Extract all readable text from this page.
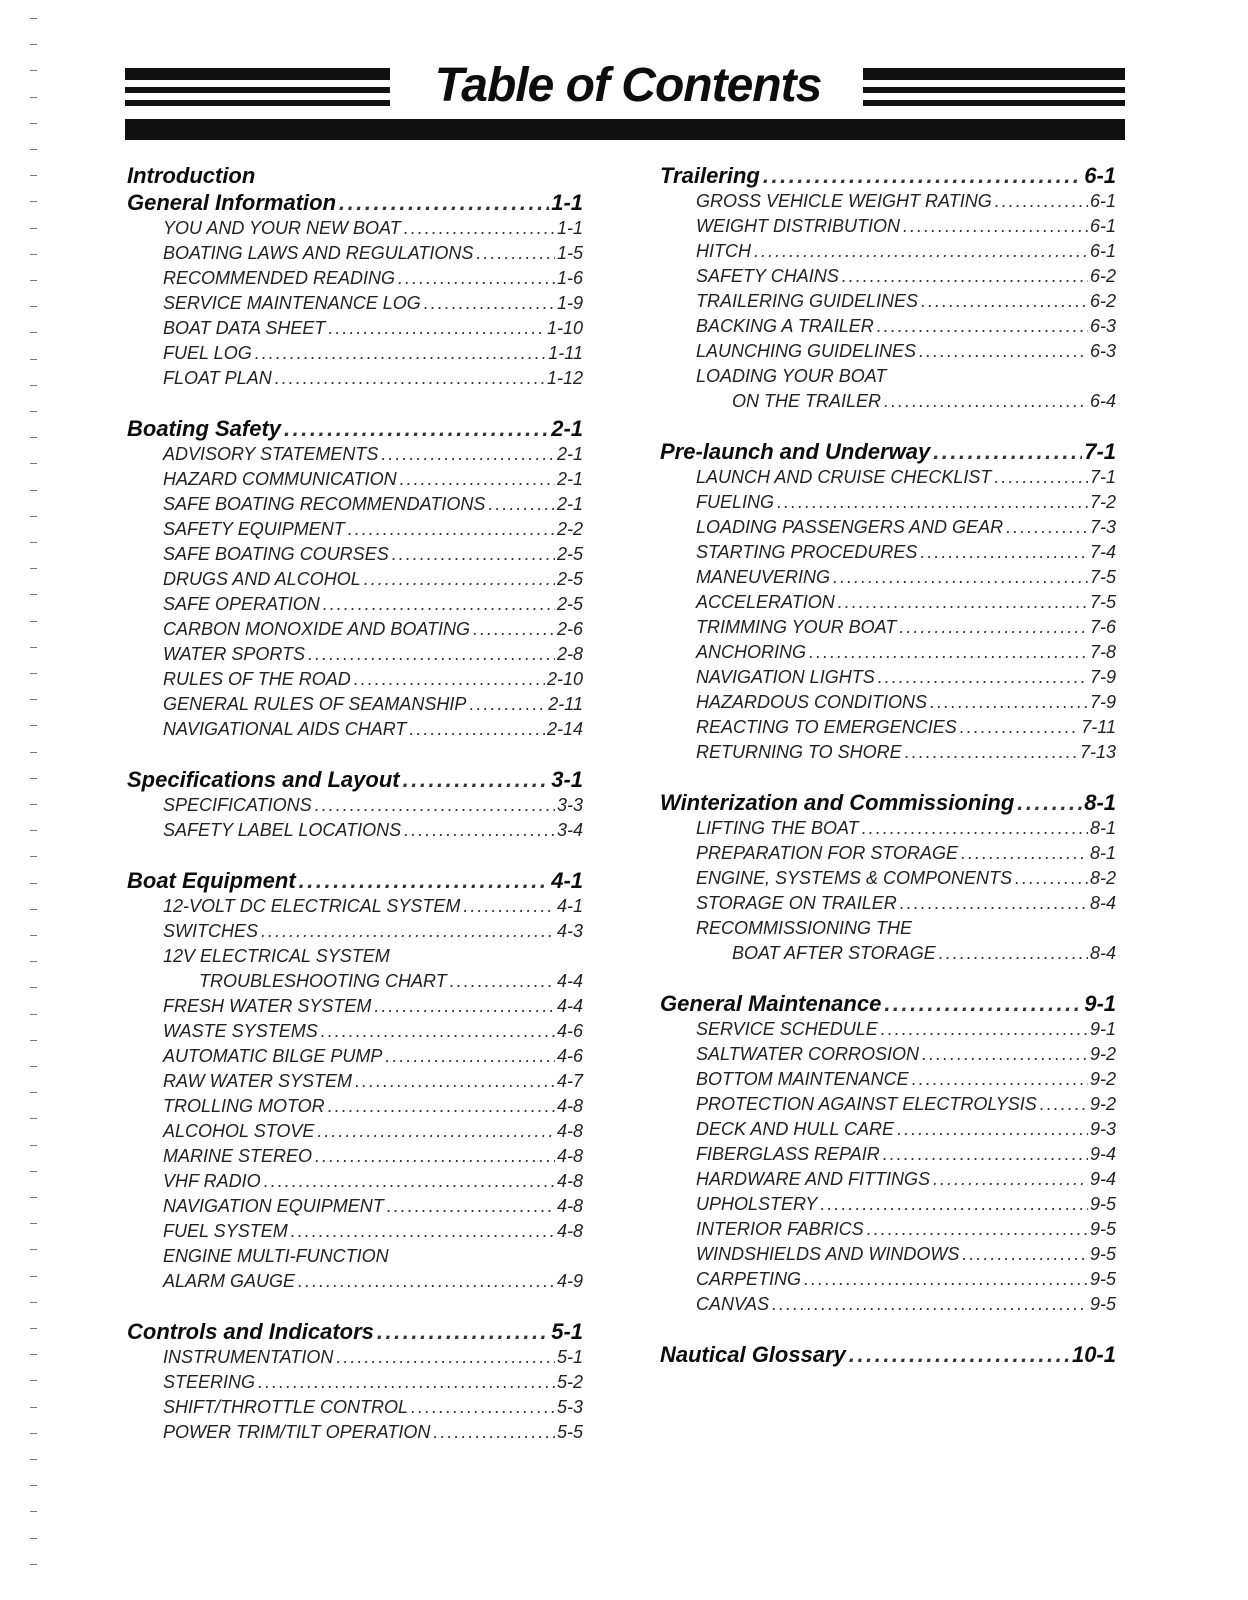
Table of Contents
Introduction
General Information .....	1-1
YOU AND YOUR NEW BOAT .....	1-1
BOATING LAWS AND REGULATIONS .....	1-5
RECOMMENDED READING .....	1-6
SERVICE MAINTENANCE LOG .....	1-9
BOAT DATA SHEET .....	1-10
FUEL LOG .....	1-11
FLOAT PLAN .....	1-12
Boating Safety .....	2-1
ADVISORY STATEMENTS .....	2-1
HAZARD COMMUNICATION .....	2-1
SAFE BOATING RECOMMENDATIONS .....	2-1
SAFETY EQUIPMENT .....	2-2
SAFE BOATING COURSES .....	2-5
DRUGS AND ALCOHOL .....	2-5
SAFE OPERATION .....	2-5
CARBON MONOXIDE AND BOATING .....	2-6
WATER SPORTS .....	2-8
RULES OF THE ROAD .....	2-10
GENERAL RULES OF SEAMANSHIP .....	2-11
NAVIGATIONAL AIDS CHART .....	2-14
Specifications and Layout .....	3-1
SPECIFICATIONS .....	3-3
SAFETY LABEL LOCATIONS .....	3-4
Boat Equipment .....	4-1
12-VOLT DC ELECTRICAL SYSTEM .....	4-1
SWITCHES .....	4-3
12V ELECTRICAL SYSTEM
TROUBLESHOOTING CHART .....	4-4
FRESH WATER SYSTEM .....	4-4
WASTE SYSTEMS .....	4-6
AUTOMATIC BILGE PUMP .....	4-6
RAW WATER SYSTEM .....	4-7
TROLLING MOTOR .....	4-8
ALCOHOL STOVE .....	4-8
MARINE STEREO .....	4-8
VHF RADIO .....	4-8
NAVIGATION EQUIPMENT .....	4-8
FUEL SYSTEM .....	4-8
ENGINE MULTI-FUNCTION
ALARM GAUGE .....	4-9
Controls and Indicators .....	5-1
INSTRUMENTATION .....	5-1
STEERING .....	5-2
SHIFT/THROTTLE CONTROL .....	5-3
POWER TRIM/TILT OPERATION .....	5-5
Trailering .....	6-1
GROSS VEHICLE WEIGHT RATING .....	6-1
WEIGHT DISTRIBUTION .....	6-1
HITCH .....	6-1
SAFETY CHAINS .....	6-2
TRAILERING GUIDELINES .....	6-2
BACKING A TRAILER .....	6-3
LAUNCHING GUIDELINES .....	6-3
LOADING YOUR BOAT
ON THE TRAILER .....	6-4
Pre-launch and Underway .....	7-1
LAUNCH AND CRUISE CHECKLIST .....	7-1
FUELING .....	7-2
LOADING PASSENGERS AND GEAR .....	7-3
STARTING PROCEDURES .....	7-4
MANEUVERING .....	7-5
ACCELERATION .....	7-5
TRIMMING YOUR BOAT .....	7-6
ANCHORING .....	7-8
NAVIGATION LIGHTS .....	7-9
HAZARDOUS CONDITIONS .....	7-9
REACTING TO EMERGENCIES .....	7-11
RETURNING TO SHORE .....	7-13
Winterization and Commissioning .....	8-1
LIFTING THE BOAT .....	8-1
PREPARATION FOR STORAGE .....	8-1
ENGINE, SYSTEMS & COMPONENTS .....	8-2
STORAGE ON TRAILER .....	8-4
RECOMMISSIONING THE
BOAT AFTER STORAGE .....	8-4
General Maintenance .....	9-1
SERVICE SCHEDULE .....	9-1
SALTWATER CORROSION .....	9-2
BOTTOM MAINTENANCE .....	9-2
PROTECTION AGAINST ELECTROLYSIS .....	9-2
DECK AND HULL CARE .....	9-3
FIBERGLASS REPAIR .....	9-4
HARDWARE AND FITTINGS .....	9-4
UPHOLSTERY .....	9-5
INTERIOR FABRICS .....	9-5
WINDSHIELDS AND WINDOWS .....	9-5
CARPETING .....	9-5
CANVAS .....	9-5
Nautical Glossary .....	10-1
